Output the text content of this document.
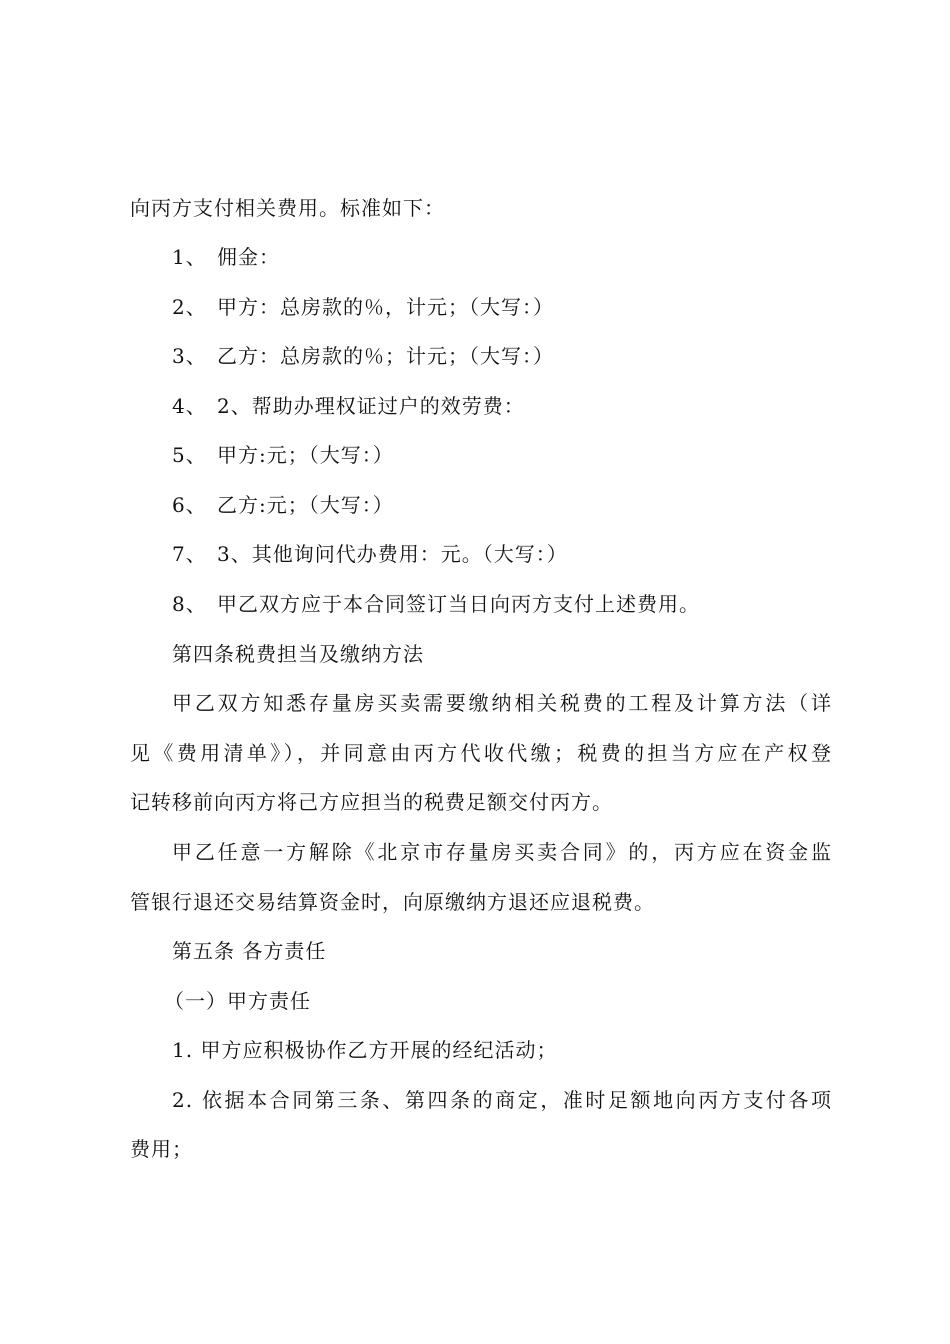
向丙方支付相关费用。标准如下：
1、 佣金：
2、 甲方：总房款的％，计元；（大写：）
3、 乙方：总房款的％；计元；（大写：）
4、 2、帮助办理权证过户的效劳费：
5、 甲方:元；（大写：）
6、 乙方:元；（大写：）
7、 3、其他询问代办费用：元。（大写：）
8、 甲乙双方应于本合同签订当日向丙方支付上述费用。
第四条税费担当及缴纳方法
甲乙双方知悉存量房买卖需要缴纳相关税费的工程及计算方法（详
见《费用清单》），并同意由丙方代收代缴；税费的担当方应在产权登
记转移前向丙方将己方应担当的税费足额交付丙方。
甲乙任意一方解除《北京市存量房买卖合同》的，丙方应在资金监
管银行退还交易结算资金时，向原缴纳方退还应退税费。
第五条 各方责任
（一）甲方责任
1. 甲方应积极协作乙方开展的经纪活动；
2. 依据本合同第三条、第四条的商定，准时足额地向丙方支付各项
费用；
